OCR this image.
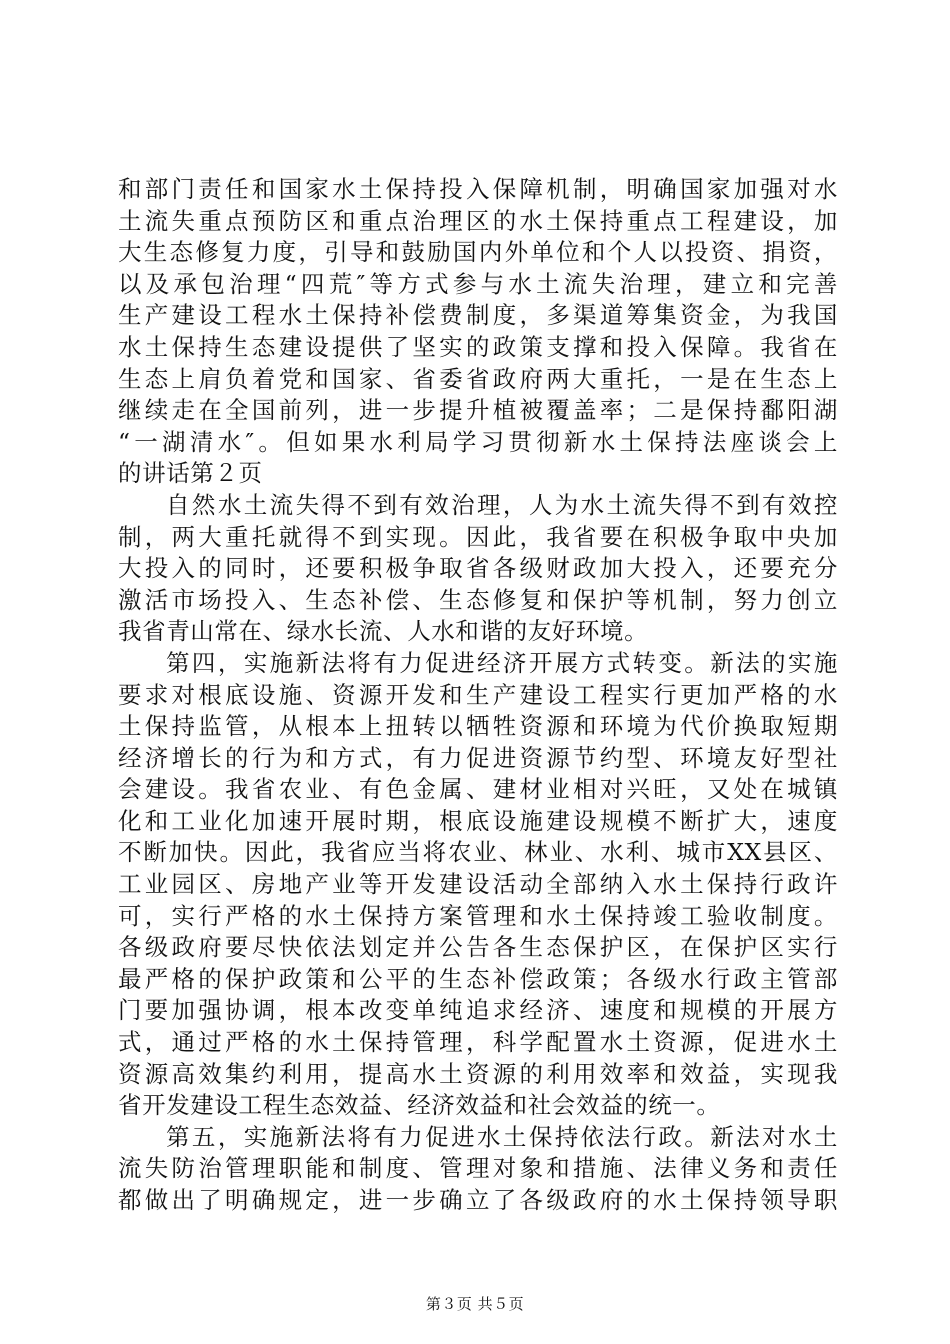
和部门责任和国家水土保持投入保障机制，明确国家加强对水
土流失重点预防区和重点治理区的水土保持重点工程建设，加
大生态修复力度，引导和鼓励国内外单位和个人以投资、捐资，
以及承包治理“四荒″等方式参与水土流失治理，建立和完善
生产建设工程水土保持补偿费制度，多渠道筹集资金，为我国
水土保持生态建设提供了坚实的政策支撑和投入保障。我省在
生态上肩负着党和国家、省委省政府两大重托，一是在生态上
继续走在全国前列，进一步提升植被覆盖率；二是保持鄱阳湖
“一湖清水″。但如果水利局学习贯彻新水土保持法座谈会上
的讲话第２页
自然水土流失得不到有效治理，人为水土流失得不到有效控
制，两大重托就得不到实现。因此，我省要在积极争取中央加
大投入的同时，还要积极争取省各级财政加大投入，还要充分
激活市场投入、生态补偿、生态修复和保护等机制，努力创立
我省青山常在、绿水长流、人水和谐的友好环境。
第四，实施新法将有力促进经济开展方式转变。新法的实施
要求对根底设施、资源开发和生产建设工程实行更加严格的水
土保持监管，从根本上扭转以牺牲资源和环境为代价换取短期
经济增长的行为和方式，有力促进资源节约型、环境友好型社
会建设。我省农业、有色金属、建材业相对兴旺，又处在城镇
化和工业化加速开展时期，根底设施建设规模不断扩大，速度
不断加快。因此，我省应当将农业、林业、水利、城市XX县区、
工业园区、房地产业等开发建设活动全部纳入水土保持行政许
可，实行严格的水土保持方案管理和水土保持竣工验收制度。
各级政府要尽快依法划定并公告各生态保护区，在保护区实行
最严格的保护政策和公平的生态补偿政策；各级水行政主管部
门要加强协调，根本改变单纯追求经济、速度和规模的开展方
式，通过严格的水土保持管理，科学配置水土资源，促进水土
资源高效集约利用，提高水土资源的利用效率和效益，实现我
省开发建设工程生态效益、经济效益和社会效益的统一。
第五，实施新法将有力促进水土保持依法行政。新法对水土
流失防治管理职能和制度、管理对象和措施、法律义务和责任
都做出了明确规定，进一步确立了各级政府的水土保持领导职
第３页 共５页
